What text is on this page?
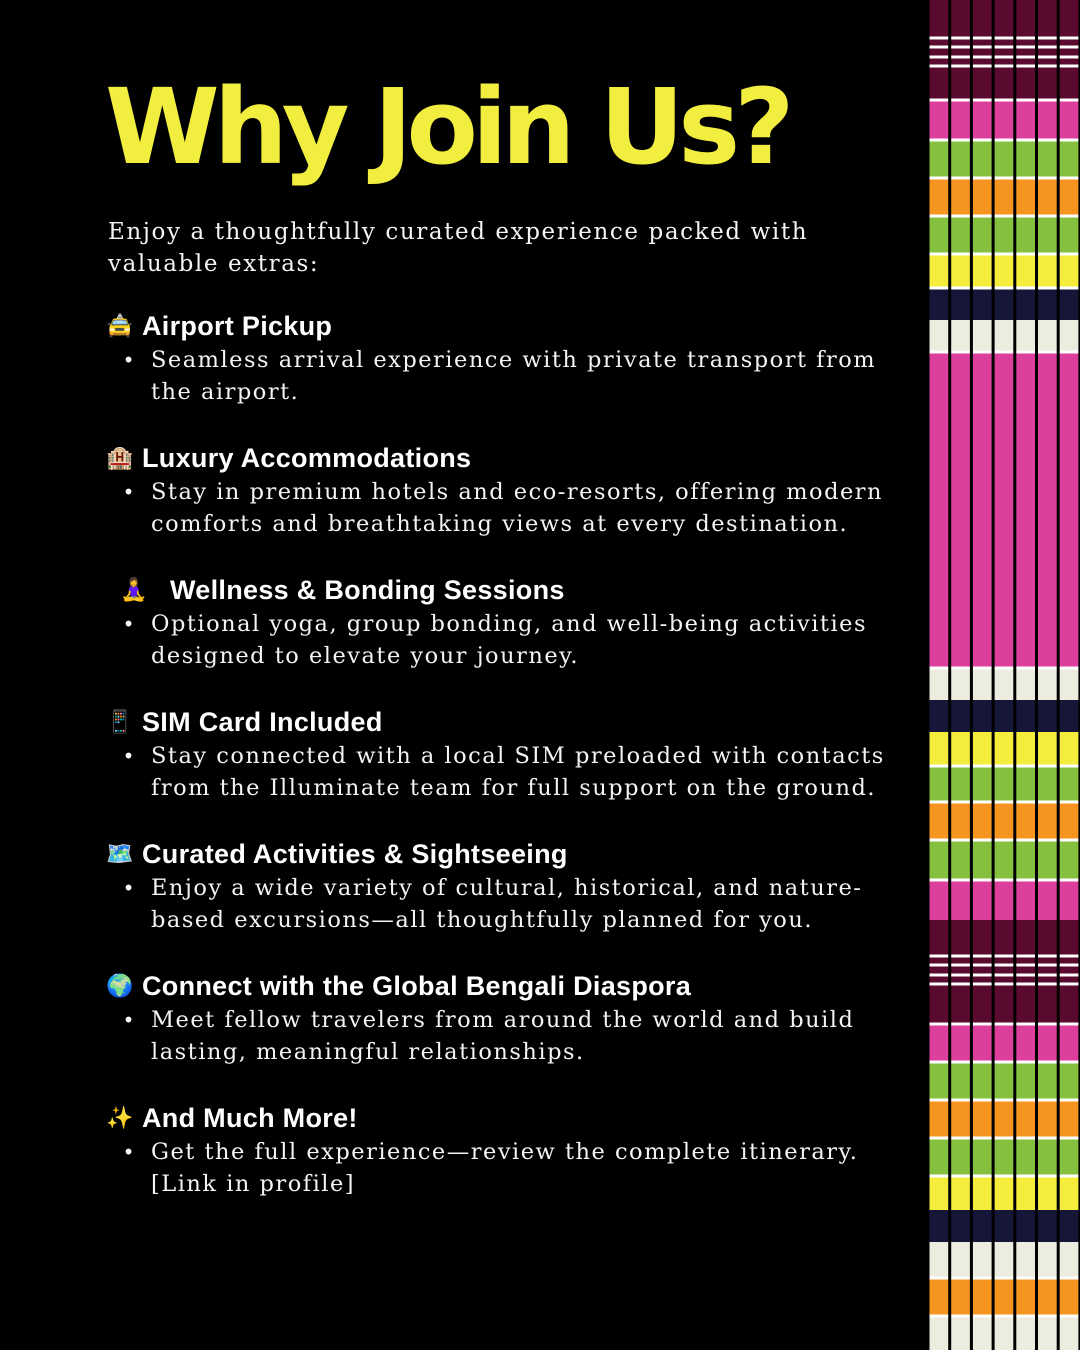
Why Join Us?

Enjoy a thoughtfully curated experience packed with valuable extras:

🚖 Airport Pickup
• Seamless arrival experience with private transport from the airport.
🏨 Luxury Accommodations
• Stay in premium hotels and eco-resorts, offering modern comforts and breathtaking views at every destination.
🧘‍♀️ Wellness & Bonding Sessions
• Optional yoga, group bonding, and well-being activities designed to elevate your journey.
📱 SIM Card Included
• Stay connected with a local SIM preloaded with contacts from the Illuminate team for full support on the ground.
🗺️ Curated Activities & Sightseeing
• Enjoy a wide variety of cultural, historical, and nature-based excursions—all thoughtfully planned for you.
🌍 Connect with the Global Bengali Diaspora
• Meet fellow travelers from around the world and build lasting, meaningful relationships.
✨ And Much More!
• Get the full experience—review the complete itinerary. [Link in profile]
